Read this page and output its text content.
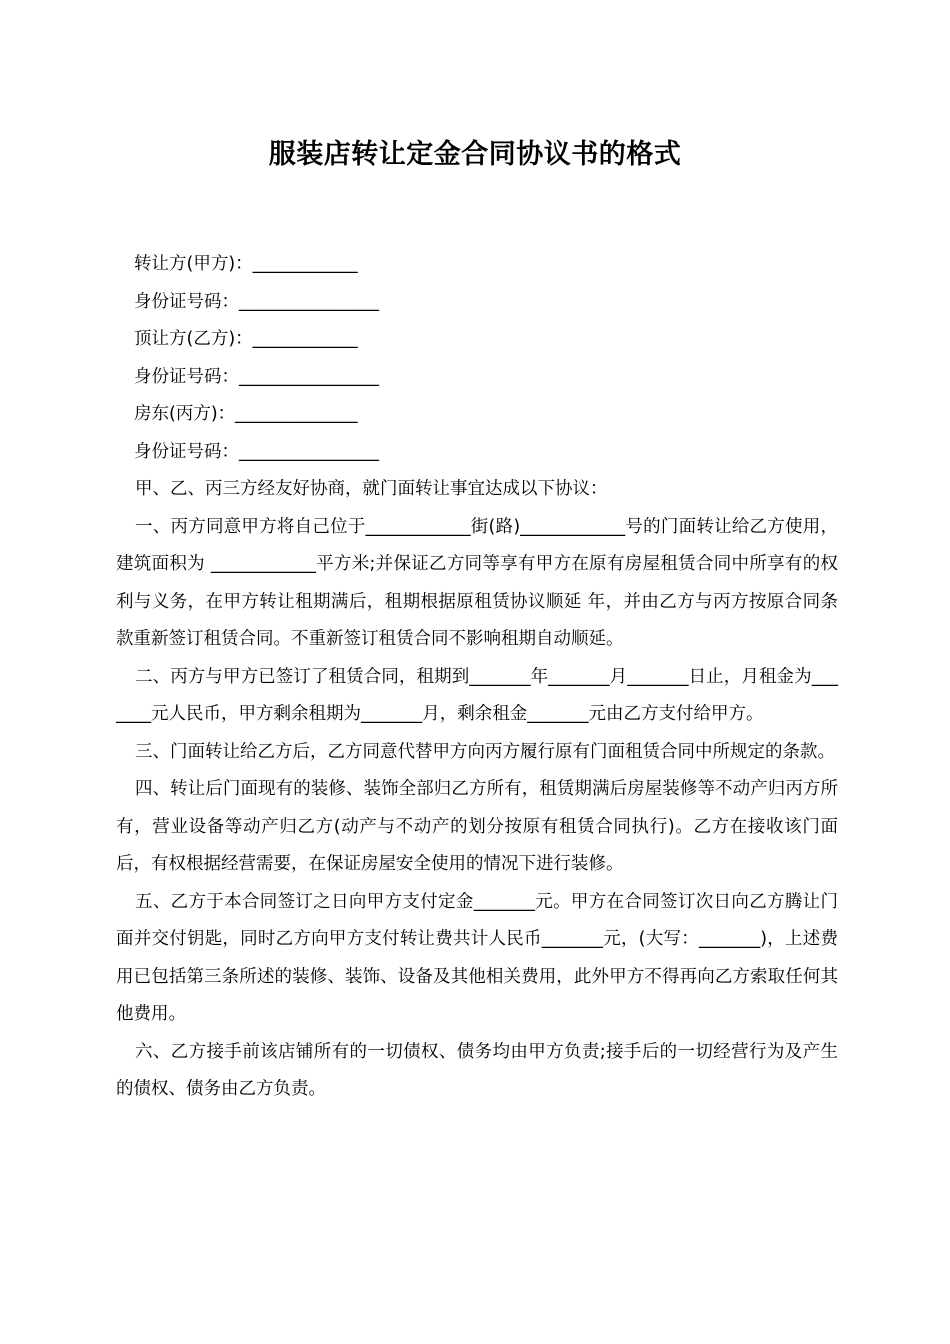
服装店转让定金合同协议书的格式
转让方(甲方)：____________
身份证号码：________________
顶让方(乙方)：____________
身份证号码：________________
房东(丙方)：______________
身份证号码：________________
甲、乙、丙三方经友好协商，就门面转让事宜达成以下协议：
一、丙方同意甲方将自己位于____________街(路)____________号的门面转让给乙方使用，建筑面积为 ____________平方米;并保证乙方同等享有甲方在原有房屋租赁合同中所享有的权利与义务，在甲方转让租期满后，租期根据原租赁协议顺延 年，并由乙方与丙方按原合同条款重新签订租赁合同。不重新签订租赁合同不影响租期自动顺延。
二、丙方与甲方已签订了租赁合同，租期到_______年_______月_______日止，月租金为_______元人民币，甲方剩余租期为_______月，剩余租金_______元由乙方支付给甲方。
三、门面转让给乙方后，乙方同意代替甲方向丙方履行原有门面租赁合同中所规定的条款。
四、转让后门面现有的装修、装饰全部归乙方所有，租赁期满后房屋装修等不动产归丙方所有，营业设备等动产归乙方(动产与不动产的划分按原有租赁合同执行)。乙方在接收该门面后，有权根据经营需要，在保证房屋安全使用的情况下进行装修。
五、乙方于本合同签订之日向甲方支付定金_______元。甲方在合同签订次日向乙方腾让门面并交付钥匙，同时乙方向甲方支付转让费共计人民币_______元，(大写：_______)，上述费用已包括第三条所述的装修、装饰、设备及其他相关费用，此外甲方不得再向乙方索取任何其他费用。
六、乙方接手前该店铺所有的一切债权、债务均由甲方负责;接手后的一切经营行为及产生的债权、债务由乙方负责。
